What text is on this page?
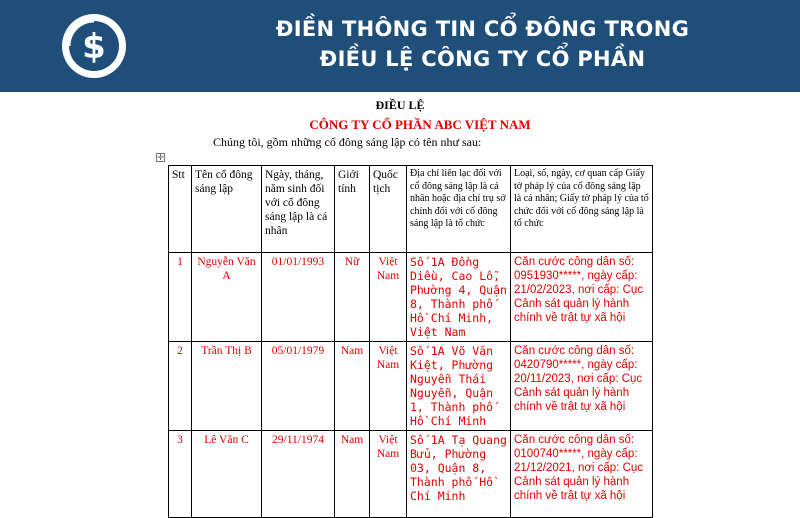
$	ĐIỀN THÔNG TIN CỔ ĐÔNG TRONG
ĐIỀU LỆ CÔNG TY CỔ PHẦN
ĐIỀU LỆ
CÔNG TY CỔ PHẦN ABC VIỆT NAM
Chúng tôi, gồm những cổ đông sáng lập có tên như sau:
✛
Stt	Tên cổ đông sáng lập	Ngày, tháng, năm sinh đối với cổ đông sáng lập là cá nhân	Giới tính	Quốc tịch	Địa chỉ liên lạc đối với cổ đông sáng lập là cá nhân hoặc địa chỉ trụ sở chính đối với cổ đông sáng lập là tổ chức	Loại, số, ngày, cơ quan cấp Giấy tờ pháp lý của cổ đông sáng lập là cá nhân; Giấy tờ pháp lý của tổ chức đối với cổ đông sáng lập là tổ chức
1	Nguyễn Văn A	01/01/1993	Nữ	Việt Nam	Số 1A Đồng Diều, Cao Lỗ, Phường 4, Quận 8, Thành phố Hồ Chí Minh, Việt Nam	Căn cước công dân số: 0951930*****, ngày cấp: 21/02/2023, nơi cấp: Cục Cảnh sát quản lý hành chính về trật tự xã hội
2	Trần Thị B	05/01/1979	Nam	Việt Nam	Số 1A Võ Văn Kiệt, Phường Nguyễn Thái Nguyễn, Quận 1, Thành phố Hồ Chí Minh	Căn cước công dân số: 0420790*****, ngày cấp: 20/11/2023, nơi cấp: Cục Cảnh sát quản lý hành chính về trật tự xã hội
3	Lê Văn C	29/11/1974	Nam	Việt Nam	Số 1A Tạ Quang Bửu, Phường 03, Quận 8, Thành phố Hồ Chí Minh	Căn cước công dân số: 0100740*****, ngày cấp: 21/12/2021, nơi cấp: Cục Cảnh sát quản lý hành chính về trật tự xã hội
